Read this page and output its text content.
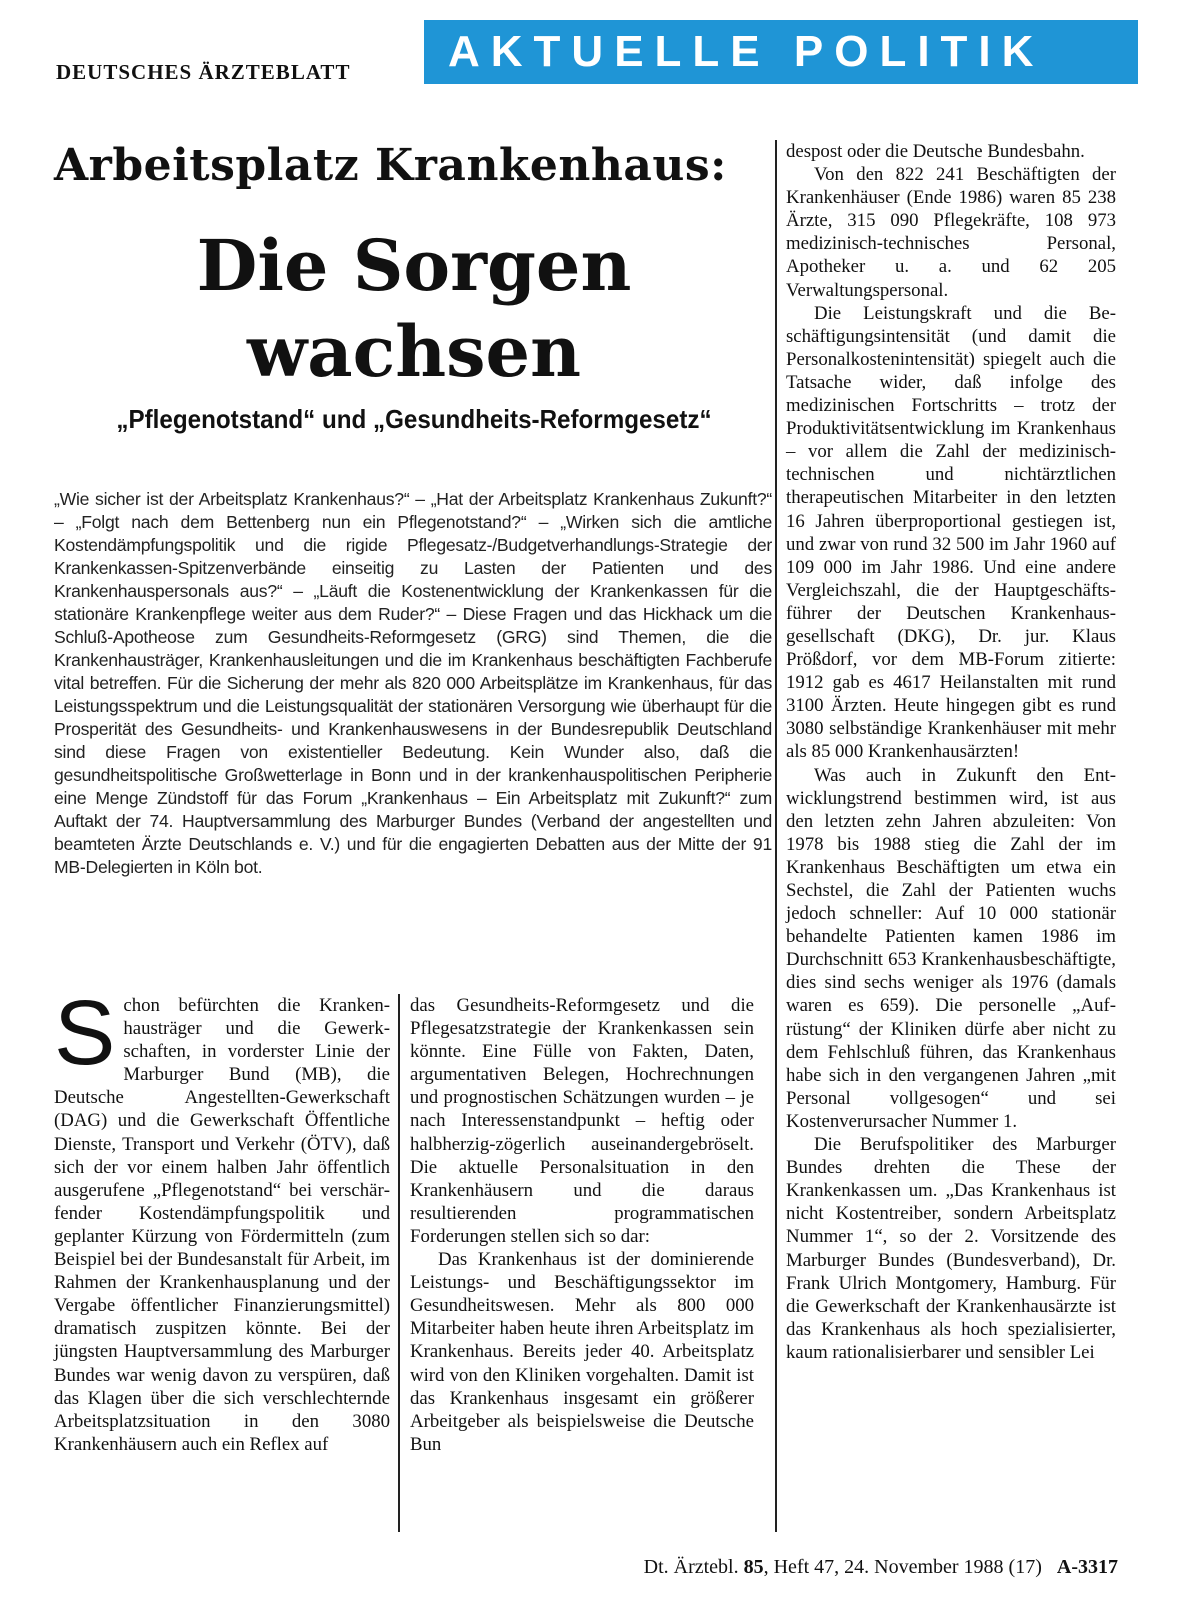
DEUTSCHES ÄRZTEBLATT	AKTUELLE POLITIK
Arbeitsplatz Krankenhaus:
Die Sorgen
wachsen
„Pflegenotstand“ und „Gesundheits-Reformgesetz“
„Wie sicher ist der Arbeitsplatz Krankenhaus?“ – „Hat der Arbeitsplatz Krankenhaus Zukunft?“ – „Folgt nach dem Bettenberg nun ein Pflegenotstand?“ – „Wirken sich die amtliche Kostendämpfungspolitik und die rigide Pflegesatz-/Budgetverhandlungs-Strategie der Krankenkassen-Spitzenverbände einseitig zu Lasten der Patienten und des Krankenhauspersonals aus?“ – „Läuft die Kostenentwicklung der Krankenkassen für die stationäre Krankenpflege weiter aus dem Ruder?“ – Diese Fragen und das Hickhack um die Schluß-Apotheose zum Gesundheits-Reformgesetz (GRG) sind Themen, die die Krankenhausträger, Krankenhausleitungen und die im Krankenhaus beschäftigten Fachberufe vital betreffen. Für die Sicherung der mehr als 820 000 Arbeitsplätze im Krankenhaus, für das Leistungsspektrum und die Leistungsqualität der stationären Versorgung wie überhaupt für die Prosperität des Gesundheits- und Krankenhauswesens in der Bundesrepublik Deutschland sind diese Fragen von existentieller Bedeutung. Kein Wunder also, daß die gesundheitspolitische Großwetterlage in Bonn und in der krankenhauspolitischen Peripherie eine Menge Zündstoff für das Forum „Krankenhaus – Ein Arbeitsplatz mit Zukunft?“ zum Auftakt der 74. Hauptversammlung des Marburger Bundes (Verband der angestellten und beamteten Ärzte Deutschlands e. V.) und für die engagierten Debatten aus der Mitte der 91 MB-Delegierten in Köln bot.

Schon befürchten die Krankenhausträger und die Gewerkschaften, in vorderster Linie der Marburger Bund (MB), die Deutsche Angestellten-Gewerkschaft (DAG) und die Gewerkschaft Öffentliche Dienste, Transport und Verkehr (ÖTV), daß sich der vor einem halben Jahr öffentlich ausgerufene „Pflegenotstand“ bei verschärfender Kostendämpfungspolitik und geplanter Kürzung von Fördermitteln (zum Beispiel bei der Bundesanstalt für Arbeit, im Rahmen der Krankenhausplanung und der Vergabe öffentlicher Finanzierungsmittel) dramatisch zuspitzen könnte. Bei der jüngsten Hauptversammlung des Marburger Bundes war wenig davon zu verspüren, daß das Klagen über die sich verschlechternde Arbeitsplatzsituation in den 3080 Krankenhäusern auch ein Reflex auf

das Gesundheits-Reformgesetz und die Pflegesatzstrategie der Krankenkassen sein könnte. Eine Fülle von Fakten, Daten, argumentativen Belegen, Hochrechnungen und prognostischen Schätzungen wurden – je nach Interessenstandpunkt – heftig oder halbherzig-zögerlich auseinandergebröselt. Die aktuelle Personalsituation in den Krankenhäusern und die daraus resultierenden programmatischen Forderungen stellen sich so dar:

Das Krankenhaus ist der dominierende Leistungs- und Beschäftigungssektor im Gesundheitswesen. Mehr als 800 000 Mitarbeiter haben heute ihren Arbeitsplatz im Krankenhaus. Bereits jeder 40. Arbeitsplatz wird von den Kliniken vorgehalten. Damit ist das Krankenhaus insgesamt ein größerer Arbeitgeber als beispielsweise die Deutsche Bun

despost oder die Deutsche Bundesbahn.

Von den 822 241 Beschäftigten der Krankenhäuser (Ende 1986) waren 85 238 Ärzte, 315 090 Pflegekräfte, 108 973 medizinisch-technisches Personal, Apotheker u. a. und 62 205 Verwaltungspersonal.

Die Leistungskraft und die Beschäftigungsintensität (und damit die Personalkostenintensität) spiegelt auch die Tatsache wider, daß infolge des medizinischen Fortschritts – trotz der Produktivitätsentwicklung im Krankenhaus – vor allem die Zahl der medizinisch-technischen und nichtärztlichen therapeutischen Mitarbeiter in den letzten 16 Jahren überproportional gestiegen ist, und zwar von rund 32 500 im Jahr 1960 auf 109 000 im Jahr 1986. Und eine andere Vergleichszahl, die der Hauptgeschäftsführer der Deutschen Krankenhausgesellschaft (DKG), Dr. jur. Klaus Prößdorf, vor dem MB-Forum zitierte: 1912 gab es 4617 Heilanstalten mit rund 3100 Ärzten. Heute hingegen gibt es rund 3080 selbständige Krankenhäuser mit mehr als 85 000 Krankenhausärzten!

Was auch in Zukunft den Entwicklungstrend bestimmen wird, ist aus den letzten zehn Jahren abzuleiten: Von 1978 bis 1988 stieg die Zahl der im Krankenhaus Beschäftigten um etwa ein Sechstel, die Zahl der Patienten wuchs jedoch schneller: Auf 10 000 stationär behandelte Patienten kamen 1986 im Durchschnitt 653 Krankenhausbeschäftigte, dies sind sechs weniger als 1976 (damals waren es 659). Die personelle „Aufrüstung“ der Kliniken dürfe aber nicht zu dem Fehlschluß führen, das Krankenhaus habe sich in den vergangenen Jahren „mit Personal vollgesogen“ und sei Kostenverursacher Nummer 1.

Die Berufspolitiker des Marburger Bundes drehten die These der Krankenkassen um. „Das Krankenhaus ist nicht Kostentreiber, sondern Arbeitsplatz Nummer 1“, so der 2. Vorsitzende des Marburger Bundes (Bundesverband), Dr. Frank Ulrich Montgomery, Hamburg. Für die Gewerkschaft der Krankenhausärzte ist das Krankenhaus als hoch spezialisierter, kaum rationalisierbarer und sensibler Lei

Dt. Ärztebl. 85, Heft 47, 24. November 1988 (17) A-3317
